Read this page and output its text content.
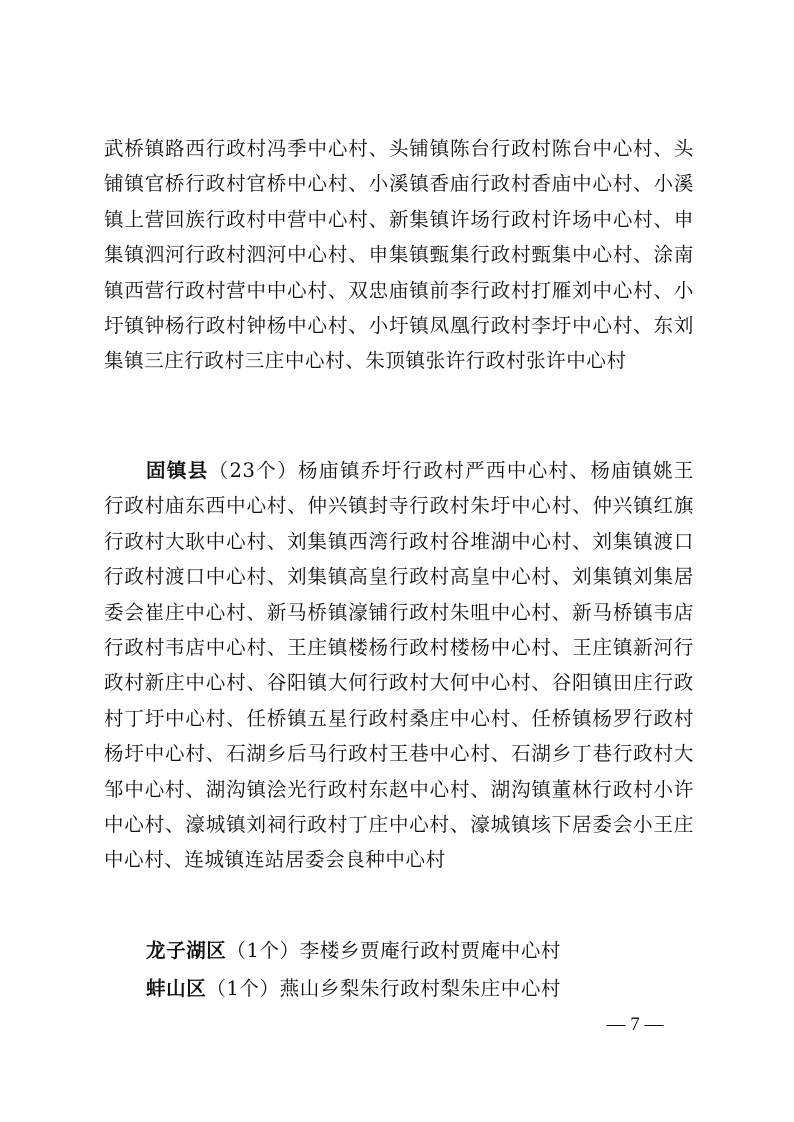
武桥镇路西行政村冯季中心村、头铺镇陈台行政村陈台中心村、头铺镇官桥行政村官桥中心村、小溪镇香庙行政村香庙中心村、小溪镇上营回族行政村中营中心村、新集镇许场行政村许场中心村、申集镇泗河行政村泗河中心村、申集镇甄集行政村甄集中心村、涂南镇西营行政村营中中心村、双忠庙镇前李行政村打雁刘中心村、小圩镇钟杨行政村钟杨中心村、小圩镇凤凰行政村李圩中心村、东刘集镇三庄行政村三庄中心村、朱顶镇张许行政村张许中心村

固镇县（23个）杨庙镇乔圩行政村严西中心村、杨庙镇姚王行政村庙东西中心村、仲兴镇封寺行政村朱圩中心村、仲兴镇红旗行政村大耿中心村、刘集镇西湾行政村谷堆湖中心村、刘集镇渡口行政村渡口中心村、刘集镇高皇行政村高皇中心村、刘集镇刘集居委会崔庄中心村、新马桥镇濠铺行政村朱咀中心村、新马桥镇韦店行政村韦店中心村、王庄镇楼杨行政村楼杨中心村、王庄镇新河行政村新庄中心村、谷阳镇大何行政村大何中心村、谷阳镇田庄行政村丁圩中心村、任桥镇五星行政村桑庄中心村、任桥镇杨罗行政村杨圩中心村、石湖乡后马行政村王巷中心村、石湖乡丁巷行政村大邹中心村、湖沟镇浍光行政村东赵中心村、湖沟镇董林行政村小许中心村、濠城镇刘祠行政村丁庄中心村、濠城镇垓下居委会小王庄中心村、连城镇连站居委会良种中心村

龙子湖区（1个）李楼乡贾庵行政村贾庵中心村

蚌山区（1个）燕山乡梨朱行政村梨朱庄中心村

— 7 —
